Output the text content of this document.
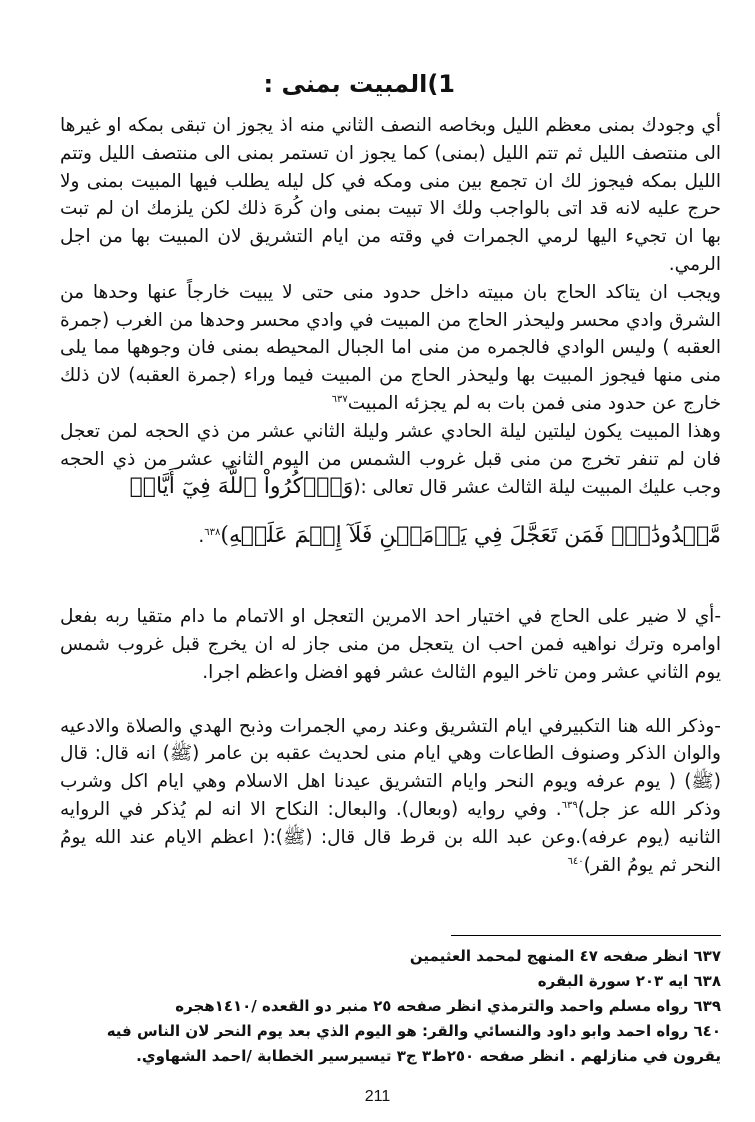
1)المبيت بمنى :

أي وجودك بمنى معظم الليل وبخاصه النصف الثاني منه اذ يجوز ان تبقى بمكه او غيرها الى منتصف الليل ثم تتم الليل (بمنى) كما يجوز ان تستمر بمنى الى منتصف الليل وتتم الليل بمكه فيجوز لك ان تجمع بين منى ومكه في كل ليله يطلب فيها المبيت بمنى ولا حرج عليه لانه قد اتى بالواجب ولك الا تبيت بمنى وان كُرهَ ذلك لكن يلزمك ان لم تبت بها ان تجيء اليها لرمي الجمرات في وقته من ايام التشريق لان المبيت بها من اجل الرمي.

ويجب ان يتاكد الحاج بان مبيته داخل حدود منى حتى لا يبيت خارجاً عنها وحدها من الشرق وادي محسر وليحذر الحاج من المبيت في وادي محسر وحدها من الغرب (جمرة العقبه ) وليس الوادي فالجمره من منى اما الجبال المحيطه بمنى فان وجوهها مما يلى منى منها فيجوز المبيت بها وليحذر الحاج من المبيت فيما وراء (جمرة العقبه) لان ذلك خارج عن حدود منى فمن بات به لم يجزئه المبيت$^{٦٣٧}$

وهذا المبيت يكون ليلتين ليلة الحادي عشر وليلة الثاني عشر من ذي الحجه لمن تعجل فان لم تنفر تخرج من منى قبل غروب الشمس من اليوم الثاني عشر من ذي الحجه وجب عليك المبيت ليلة الثالث عشر قال تعالى :(وَٱذۡكُرُواْ ٱللَّهَ فِيٓ أَيَّامٖ

مَّعۡدُودَٰتٖۚ فَمَن تَعَجَّلَ فِي يَوۡمَيۡنِ فَلَآ إِثۡمَ عَلَيۡهِ)$^{٦٣٨}$.

-أي لا ضير على الحاج في اختيار احد الامرين التعجل او الاتمام ما دام متقيا ربه بفعل اوامره وترك نواهيه فمن احب ان يتعجل من منى جاز له ان يخرج قبل غروب شمس يوم الثاني عشر ومن تاخر اليوم الثالث عشر فهو افضل واعظم اجرا.

-وذكر الله هنا التكبيرفي ايام التشريق وعند رمي الجمرات وذبح الهدي والصلاة والادعيه والوان الذكر وصنوف الطاعات وهي ايام منى لحديث عقبه بن عامر (ﷺ) انه قال: قال (ﷺ) ( يوم عرفه ويوم النحر وايام التشريق عيدنا اهل الاسلام وهي ايام اكل وشرب وذكر الله عز جل)$^{٦٣٩}$. وفي روايه (وبعال). والبعال: النكاح الا انه لم يُذكر في الروايه الثانيه (يوم عرفه).وعن عبد الله بن قرط قال قال: (ﷺ):( اعظم الايام عند الله يومُ النحر ثم يومُ القر)$^{٦٤٠}$

٦٣٧ انظر صفحه ٤٧ المنهج لمحمد العثيمين

٦٣٨ ايه ٢٠٣ سورة البقره

٦٣٩ رواه مسلم واحمد والترمذي انظر صفحه ٢٥ منبر دو القعده /١٤١٠هجره

٦٤٠ رواه احمد وابو داود والنسائي والقر: هو اليوم الذي بعد يوم النحر لان الناس فيه يقرون في منازلهم . انظر صفحه ٢٥٠ط٣ ج٣ تيسيرسير الخطابة /احمد الشهاوي.

211
